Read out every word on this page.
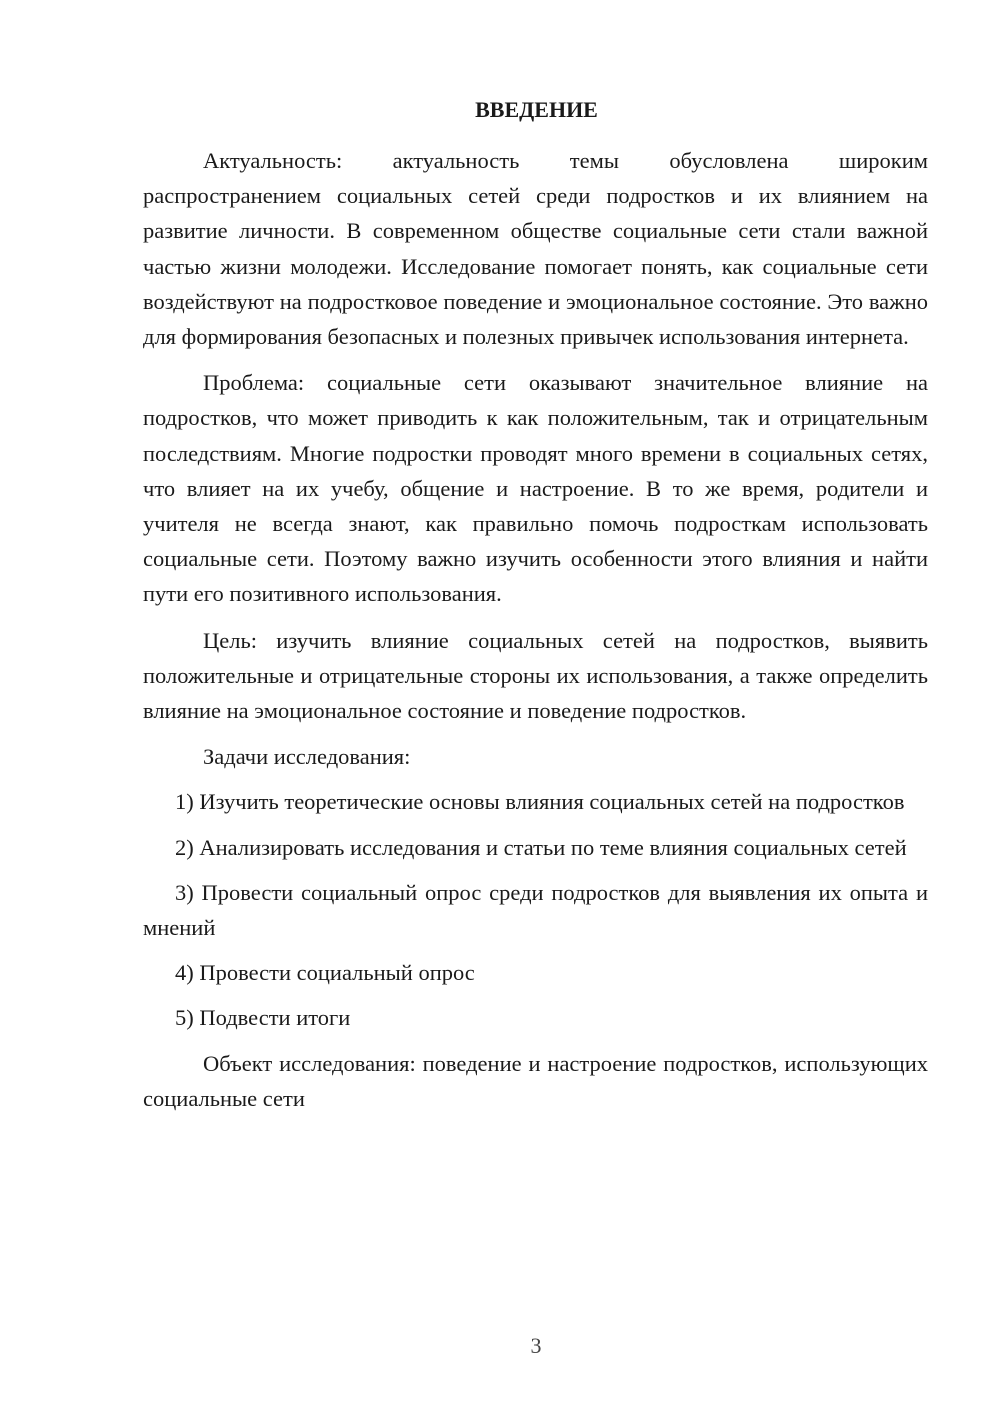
ВВЕДЕНИЕ

Актуальность: актуальность темы обусловлена широким распространением социальных сетей среди подростков и их влиянием на развитие личности. В современном обществе социальные сети стали важной частью жизни молодежи. Исследование помогает понять, как социальные сети воздействуют на подростковое поведение и эмоциональное состояние. Это важно для формирования безопасных и полезных привычек использования интернета.

Проблема: социальные сети оказывают значительное влияние на подростков, что может приводить к как положительным, так и отрицательным последствиям. Многие подростки проводят много времени в социальных сетях, что влияет на их учебу, общение и настроение. В то же время, родители и учителя не всегда знают, как правильно помочь подросткам использовать социальные сети. Поэтому важно изучить особенности этого влияния и найти пути его позитивного использования.

Цель: изучить влияние социальных сетей на подростков, выявить положительные и отрицательные стороны их использования, а также определить влияние на эмоциональное состояние и поведение подростков.

Задачи исследования:

1) Изучить теоретические основы влияния социальных сетей на подростков

2) Анализировать исследования и статьи по теме влияния социальных сетей

3) Провести социальный опрос среди подростков для выявления их опыта и мнений

4) Провести социальный опрос

5) Подвести итоги

Объект исследования: поведение и настроение подростков, использующих социальные сети

3
